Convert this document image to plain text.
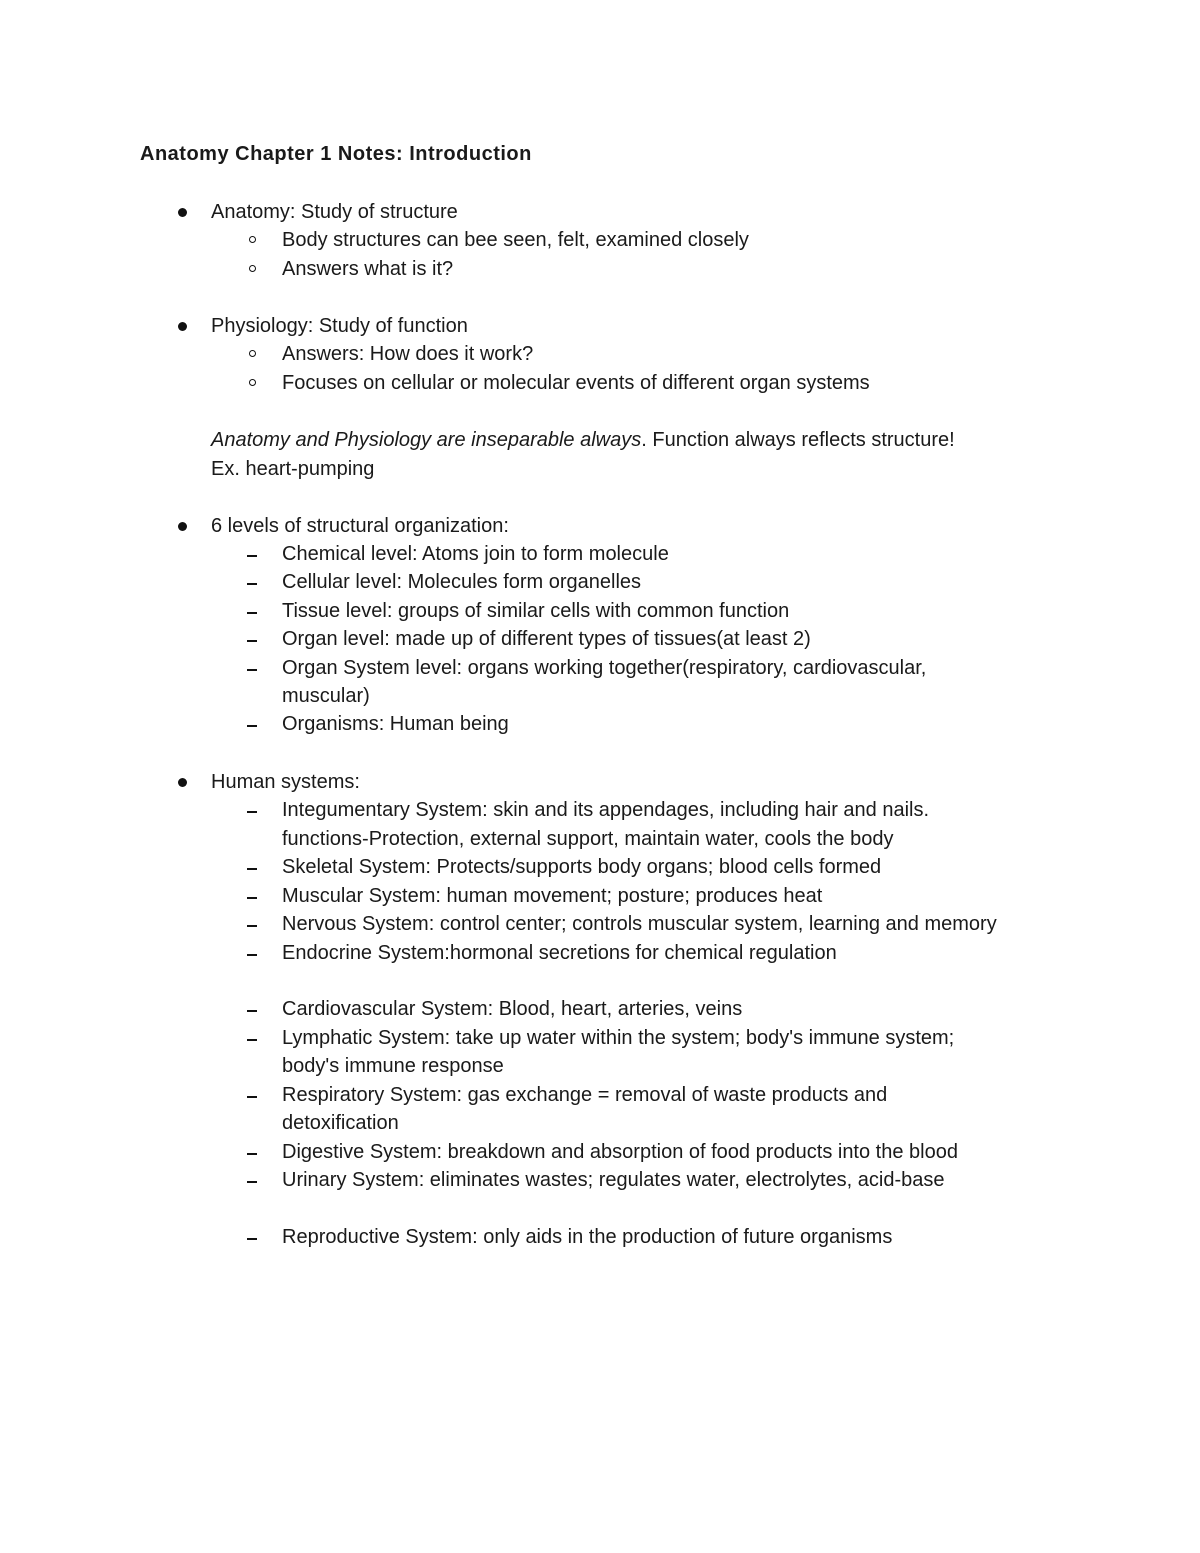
Anatomy Chapter 1 Notes: Introduction
Anatomy: Study of structure
Body structures can bee seen, felt, examined closely
Answers what is it?
Physiology: Study of function
Answers: How does it work?
Focuses on cellular or molecular events of different organ systems
Anatomy and Physiology are inseparable always. Function always reflects structure!
Ex. heart-pumping
6 levels of structural organization:
Chemical level: Atoms join to form molecule
Cellular level: Molecules form organelles
Tissue level: groups of similar cells with common function
Organ level: made up of different types of tissues(at least 2)
Organ System level: organs working together(respiratory, cardiovascular,
muscular)
Organisms: Human being
Human systems:
Integumentary System: skin and its appendages, including hair and nails.
functions-Protection, external support, maintain water, cools the body
Skeletal System: Protects/supports body organs; blood cells formed
Muscular System: human movement; posture; produces heat
Nervous System: control center; controls muscular system, learning and memory
Endocrine System:hormonal secretions for chemical regulation
Cardiovascular System: Blood, heart, arteries, veins
Lymphatic System: take up water within the system; body's immune system;
body's immune response
Respiratory System: gas exchange = removal of waste products and
detoxification
Digestive System: breakdown and absorption of food products into the blood
Urinary System: eliminates wastes; regulates water, electrolytes, acid-base
Reproductive System: only aids in the production of future organisms
